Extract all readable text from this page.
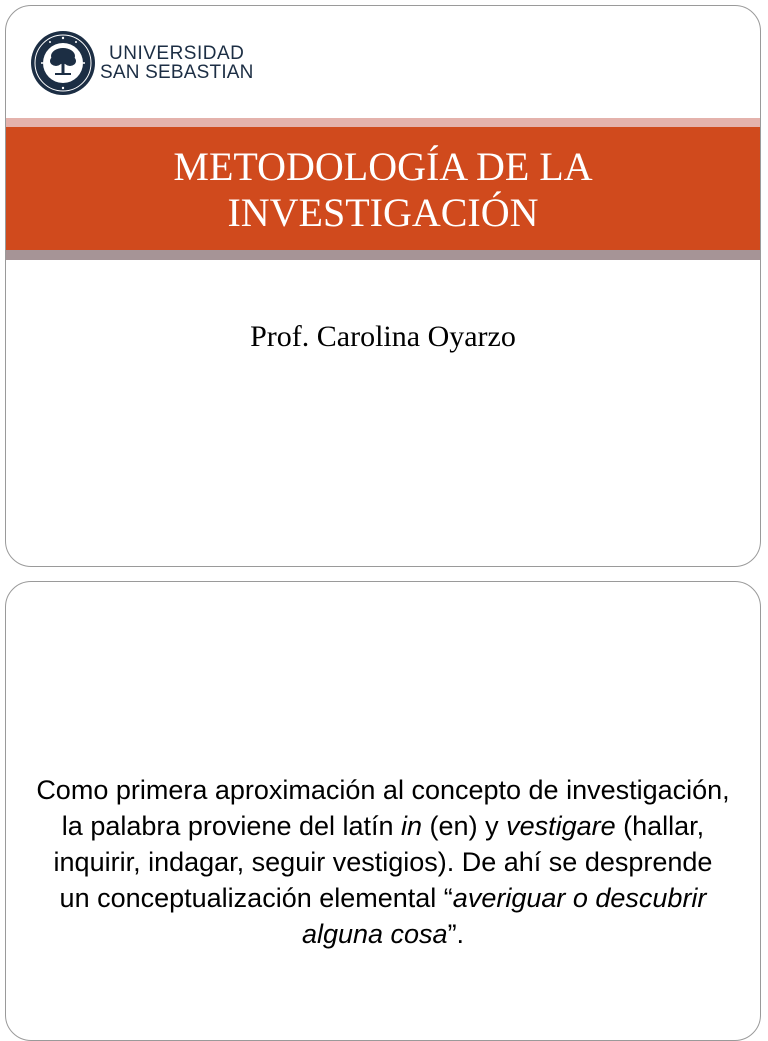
UNIVERSIDAD
SAN SEBASTIAN
METODOLOGÍA DE LA
INVESTIGACIÓN
Prof. Carolina Oyarzo
Como primera aproximación al concepto de investigación, la palabra proviene del latín in (en) y vestigare (hallar, inquirir, indagar, seguir vestigios). De ahí se desprende un conceptualización elemental “averiguar o descubrir alguna cosa”.
